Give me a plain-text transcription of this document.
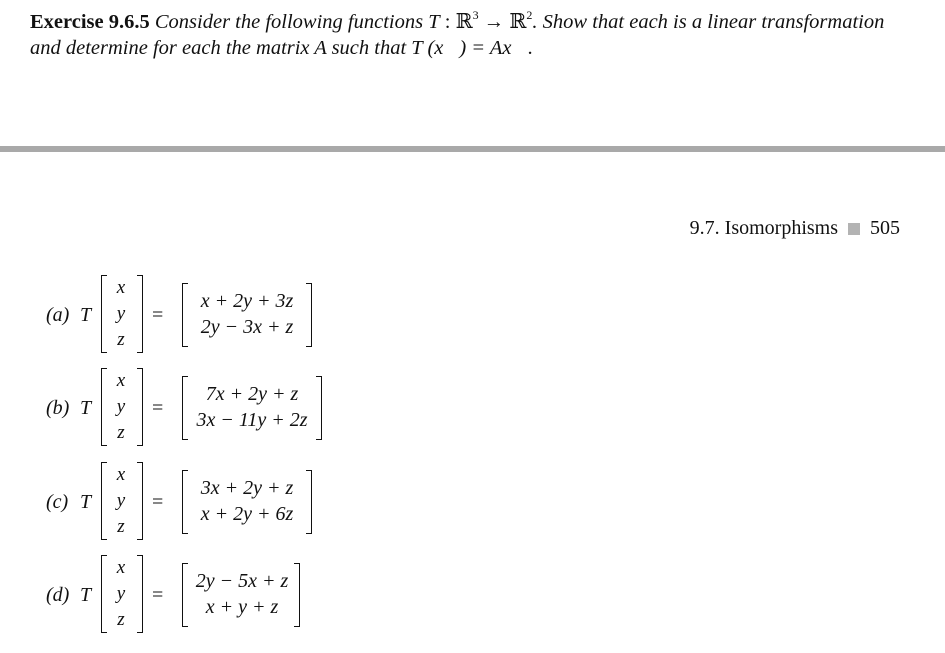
Exercise 9.6.5 Consider the following functions T : ℝ$^3$ → ℝ$^2$. Show that each is a linear transformation and determine for each the matrix A such that T (x⃗) = Ax⃗.
9.7. Isomorphisms 505
(a) T
x
y
z
=
x + 2y + 3z
2y − 3x + z
(b) T
x
y
z
=
7x + 2y + z
3x − 11y + 2z
(c) T
x
y
z
=
3x + 2y + z
x + 2y + 6z
(d) T
x
y
z
=
2y − 5x + z
x + y + z
